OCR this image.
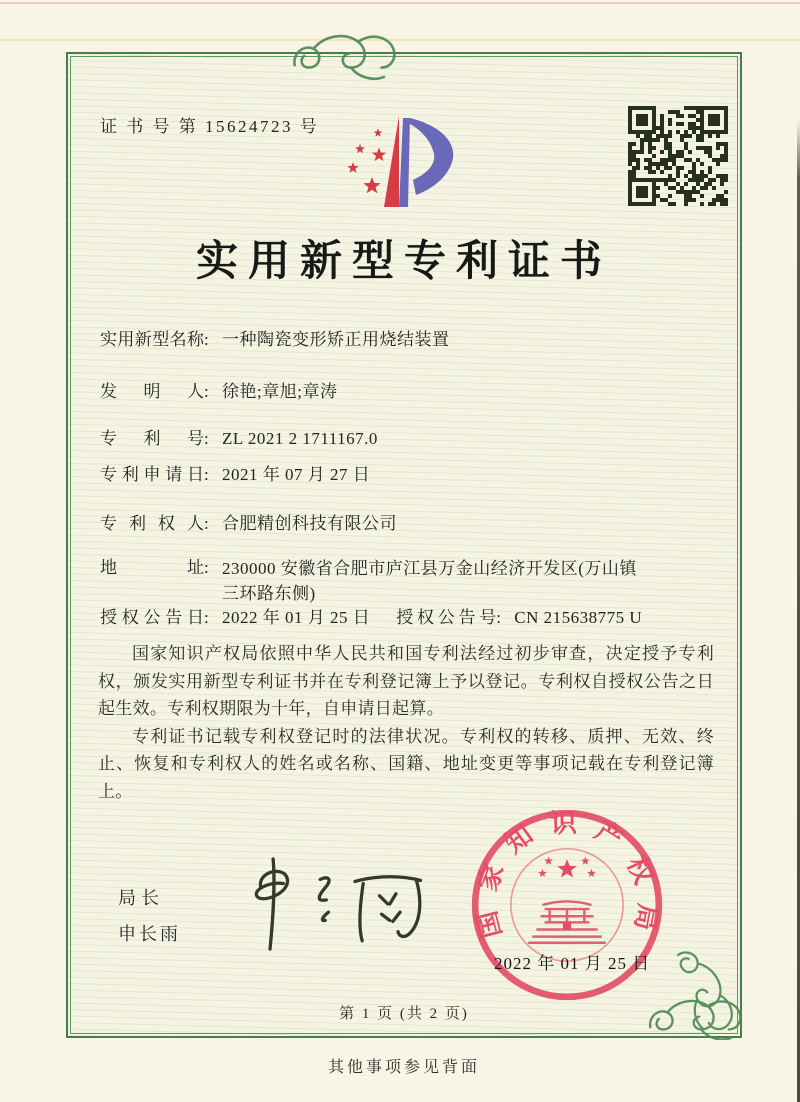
证 书 号 第 15624723 号
实用新型专利证书
实用新型名称: 一种陶瓷变形矫正用烧结装置
发明人: 徐艳;章旭;章涛
专利号: ZL 2021 2 1711167.0
专利申请日: 2021 年 07 月 27 日
专利权人: 合肥精创科技有限公司
地址: 230000 安徽省合肥市庐江县万金山经济开发区(万山镇三环路东侧)
授权公告日: 2022 年 01 月 25 日 授权公告号: CN 215638775 U

国家知识产权局依照中华人民共和国专利法经过初步审查，决定授予专利权，颁发实用新型专利证书并在专利登记簿上予以登记。专利权自授权公告之日起生效。专利权期限为十年，自申请日起算。

专利证书记载专利权登记时的法律状况。专利权的转移、质押、无效、终止、恢复和专利权人的姓名或名称、国籍、地址变更等事项记载在专利登记簿上。

局长
申长雨	国家知识产权局
2022 年 01 月 25 日
第 1 页 (共 2 页)
其他事项参见背面
